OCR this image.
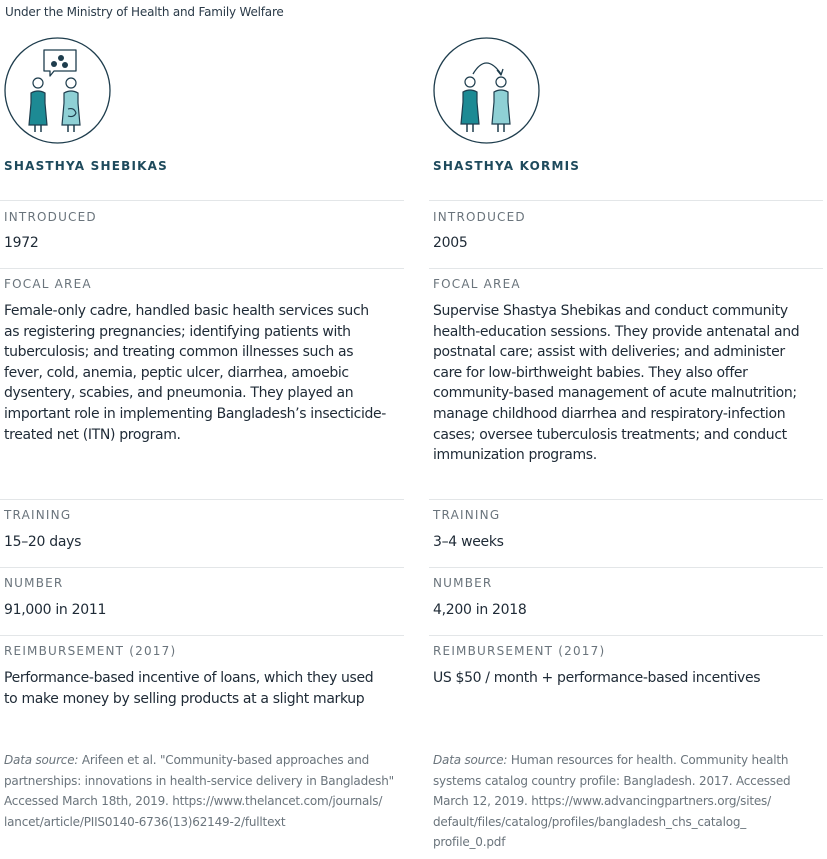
Under the Ministry of Health and Family Welfare
SHASTHYA SHEBIKAS
INTRODUCED
1972
FOCAL AREA
Female-only cadre, handled basic health services such
as registering pregnancies; identifying patients with
tuberculosis; and treating common illnesses such as
fever, cold, anemia, peptic ulcer, diarrhea, amoebic
dysentery, scabies, and pneumonia. They played an
important role in implementing Bangladesh’s insecticide-
treated net (ITN) program.
TRAINING
15–20 days
NUMBER
91,000 in 2011
REIMBURSEMENT (2017)
Performance-based incentive of loans, which they used
to make money by selling products at a slight markup
Data source: Arifeen et al. "Community-based approaches and
partnerships: innovations in health-service delivery in Bangladesh"
Accessed March 18th, 2019. https://www.thelancet.com/journals/
lancet/article/PIIS0140-6736(13)62149-2/fulltext
SHASTHYA KORMIS
INTRODUCED
2005
FOCAL AREA
Supervise Shastya Shebikas and conduct community
health-education sessions. They provide antenatal and
postnatal care; assist with deliveries; and administer
care for low-birthweight babies. They also offer
community-based management of acute malnutrition;
manage childhood diarrhea and respiratory-infection
cases; oversee tuberculosis treatments; and conduct
immunization programs.
TRAINING
3–4 weeks
NUMBER
4,200 in 2018
REIMBURSEMENT (2017)
US $50 / month + performance-based incentives
Data source: Human resources for health. Community health
systems catalog country profile: Bangladesh. 2017. Accessed
March 12, 2019. https://www.advancingpartners.org/sites/
default/files/catalog/profiles/bangladesh_chs_catalog_
profile_0.pdf
